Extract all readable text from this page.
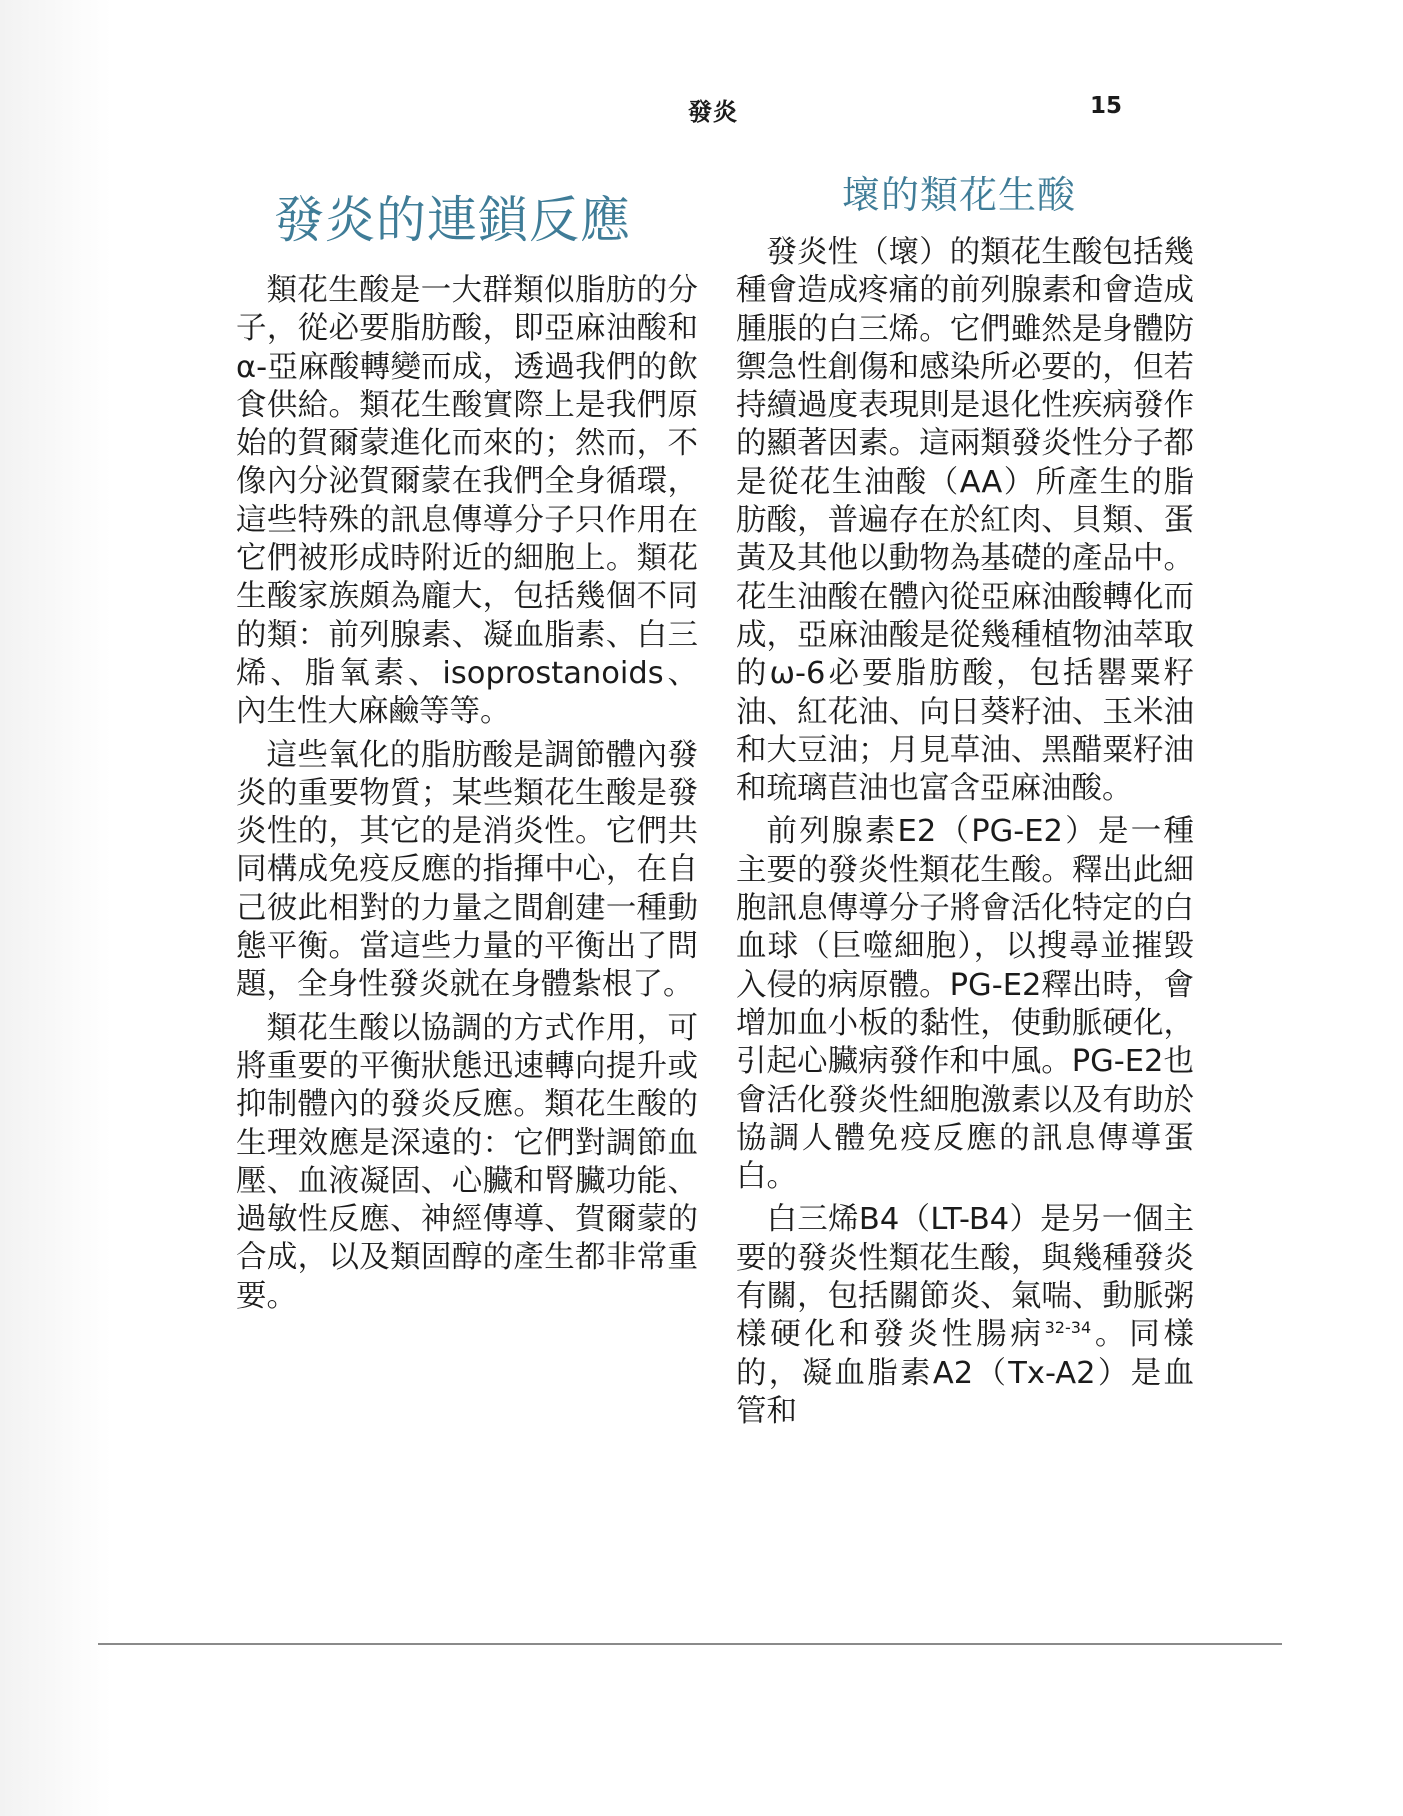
發炎	15
發炎的連鎖反應	壞的類花生酸

類花生酸是一大群類似脂肪的分子，從必要脂肪酸，即亞麻油酸和α-亞麻酸轉變而成，透過我們的飲食供給。類花生酸實際上是我們原始的賀爾蒙進化而來的；然而，不像內分泌賀爾蒙在我們全身循環，這些特殊的訊息傳導分子只作用在它們被形成時附近的細胞上。類花生酸家族頗為龐大，包括幾個不同的類：前列腺素、凝血脂素、白三烯、脂氧素、isoprostanoids、內生性大麻鹼等等。

這些氧化的脂肪酸是調節體內發炎的重要物質；某些類花生酸是發炎性的，其它的是消炎性。它們共同構成免疫反應的指揮中心，在自己彼此相對的力量之間創建一種動態平衡。當這些力量的平衡出了問題，全身性發炎就在身體紮根了。

類花生酸以協調的方式作用，可將重要的平衡狀態迅速轉向提升或抑制體內的發炎反應。類花生酸的生理效應是深遠的：它們對調節血壓、血液凝固、心臟和腎臟功能、過敏性反應、神經傳導、賀爾蒙的合成，以及類固醇的產生都非常重要。

發炎性（壞）的類花生酸包括幾種會造成疼痛的前列腺素和會造成腫脹的白三烯。它們雖然是身體防禦急性創傷和感染所必要的，但若持續過度表現則是退化性疾病發作的顯著因素。這兩類發炎性分子都是從花生油酸（AA）所產生的脂肪酸，普遍存在於紅肉、貝類、蛋黃及其他以動物為基礎的產品中。花生油酸在體內從亞麻油酸轉化而成，亞麻油酸是從幾種植物油萃取的ω-6必要脂肪酸，包括罌粟籽油、紅花油、向日葵籽油、玉米油和大豆油；月見草油、黑醋粟籽油和琉璃苣油也富含亞麻油酸。

前列腺素E2（PG-E2）是一種主要的發炎性類花生酸。釋出此細胞訊息傳導分子將會活化特定的白血球（巨噬細胞），以搜尋並摧毀入侵的病原體。PG-E2釋出時，會增加血小板的黏性，使動脈硬化，引起心臟病發作和中風。PG-E2也會活化發炎性細胞激素以及有助於協調人體免疫反應的訊息傳導蛋白。

白三烯B4（LT-B4）是另一個主要的發炎性類花生酸，與幾種發炎有關，包括關節炎、氣喘、動脈粥樣硬化和發炎性腸病$^{32-34}$。同樣的，凝血脂素A2（Tx-A2）是血管和
